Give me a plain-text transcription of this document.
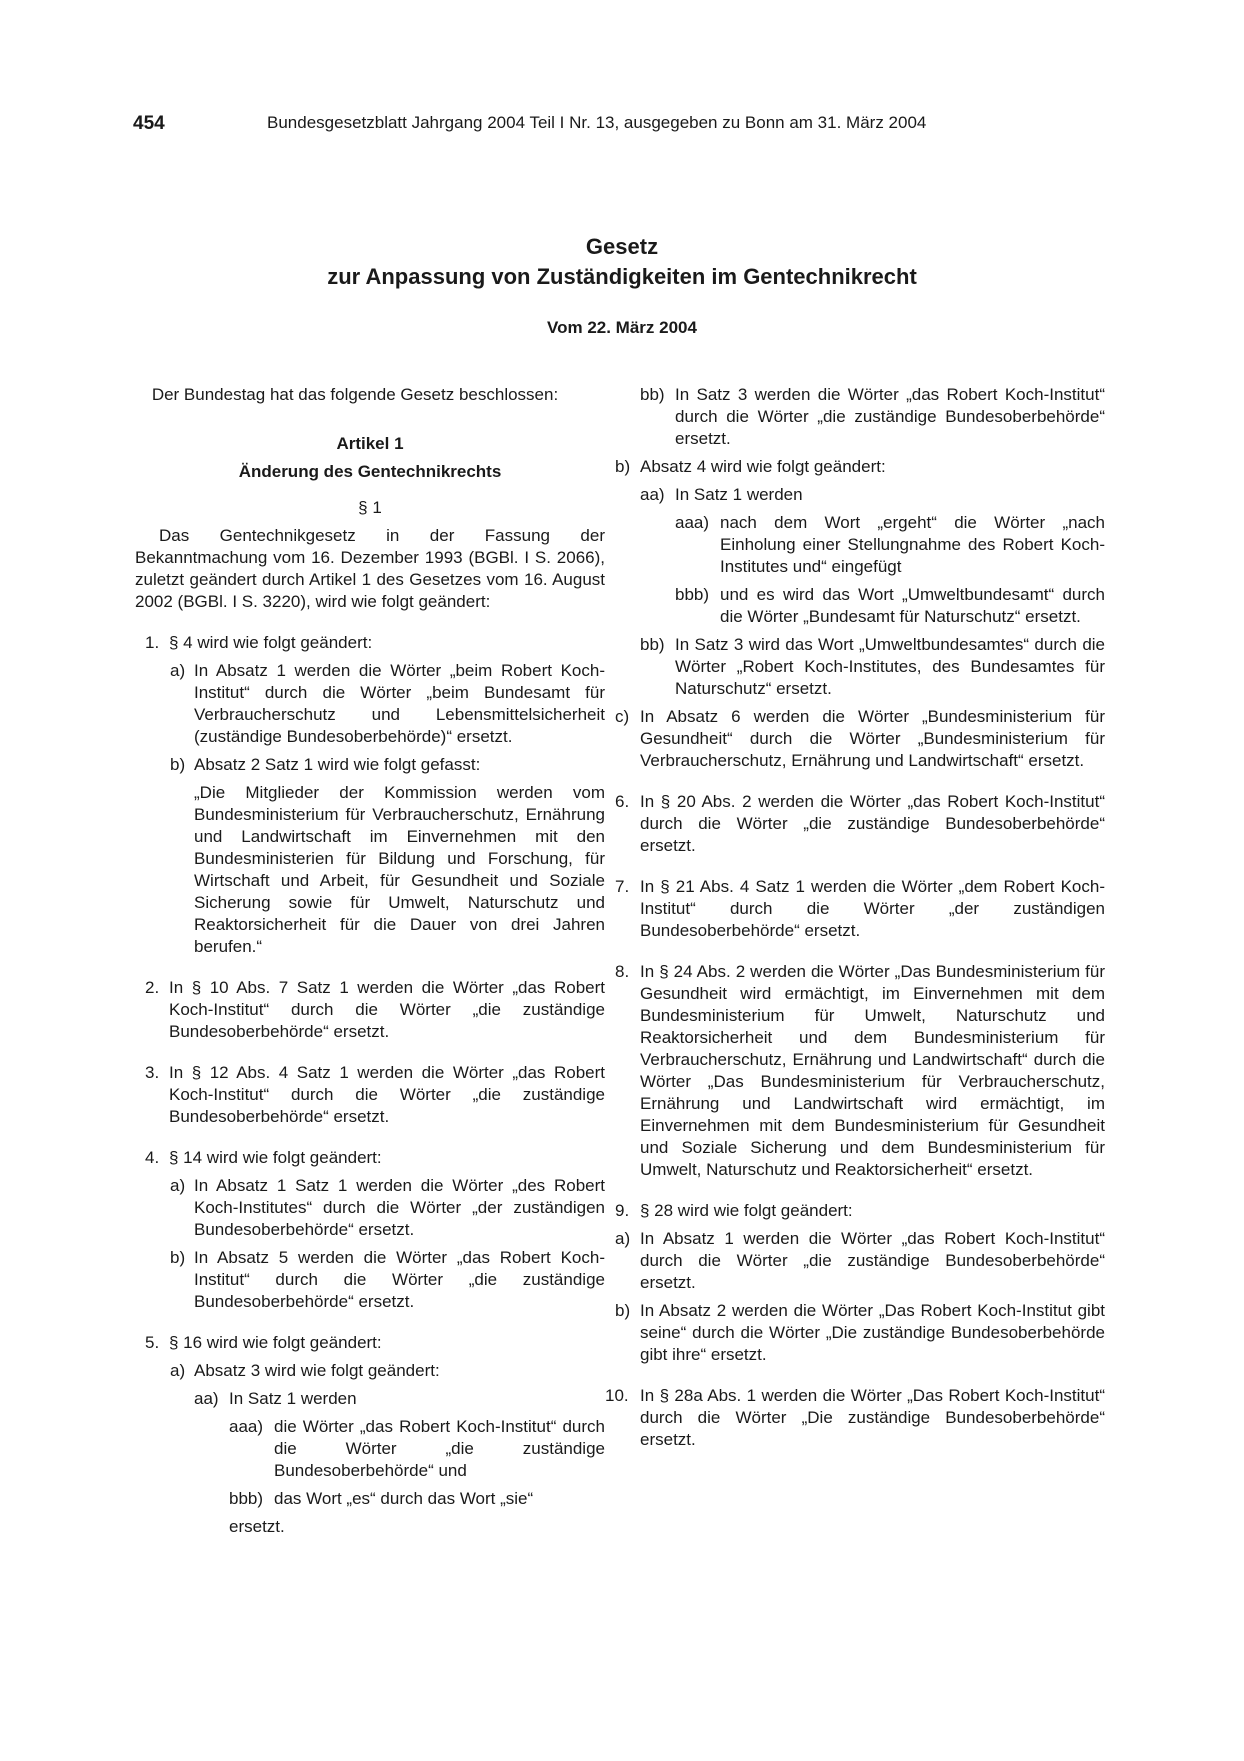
454	Bundesgesetzblatt Jahrgang 2004 Teil I Nr. 13, ausgegeben zu Bonn am 31. März 2004
Gesetz
zur Anpassung von Zuständigkeiten im Gentechnikrecht
Vom 22. März 2004

Der Bundestag hat das folgende Gesetz beschlossen:

Artikel 1

Änderung des Gentechnikrechts

§ 1

Das Gentechnikgesetz in der Fassung der Bekanntmachung vom 16. Dezember 1993 (BGBl. I S. 2066), zuletzt geändert durch Artikel 1 des Gesetzes vom 16. August 2002 (BGBl. I S. 3220), wird wie folgt geändert:

1. § 4 wird wie folgt geändert:

a) In Absatz 1 werden die Wörter „beim Robert Koch-Institut“ durch die Wörter „beim Bundesamt für Verbraucherschutz und Lebensmittelsicherheit (zuständige Bundesoberbehörde)“ ersetzt.

b) Absatz 2 Satz 1 wird wie folgt gefasst:

„Die Mitglieder der Kommission werden vom Bundesministerium für Verbraucherschutz, Ernährung und Landwirtschaft im Einvernehmen mit den Bundesministerien für Bildung und Forschung, für Wirtschaft und Arbeit, für Gesundheit und Soziale Sicherung sowie für Umwelt, Naturschutz und Reaktorsicherheit für die Dauer von drei Jahren berufen.“

2. In § 10 Abs. 7 Satz 1 werden die Wörter „das Robert Koch-Institut“ durch die Wörter „die zuständige Bundesoberbehörde“ ersetzt.

3. In § 12 Abs. 4 Satz 1 werden die Wörter „das Robert Koch-Institut“ durch die Wörter „die zuständige Bundesoberbehörde“ ersetzt.

4. § 14 wird wie folgt geändert:

a) In Absatz 1 Satz 1 werden die Wörter „des Robert Koch-Institutes“ durch die Wörter „der zuständigen Bundesoberbehörde“ ersetzt.

b) In Absatz 5 werden die Wörter „das Robert Koch-Institut“ durch die Wörter „die zuständige Bundesoberbehörde“ ersetzt.

5. § 16 wird wie folgt geändert:

a) Absatz 3 wird wie folgt geändert:

aa) In Satz 1 werden

aaa) die Wörter „das Robert Koch-Institut“ durch die Wörter „die zuständige Bundesoberbehörde“ und

bbb) das Wort „es“ durch das Wort „sie“

ersetzt.

bb) In Satz 3 werden die Wörter „das Robert Koch-Institut“ durch die Wörter „die zuständige Bundesoberbehörde“ ersetzt.

b) Absatz 4 wird wie folgt geändert:

aa) In Satz 1 werden

aaa) nach dem Wort „ergeht“ die Wörter „nach Einholung einer Stellungnahme des Robert Koch-Institutes und“ eingefügt

bbb) und es wird das Wort „Umweltbundesamt“ durch die Wörter „Bundesamt für Naturschutz“ ersetzt.

bb) In Satz 3 wird das Wort „Umweltbundesamtes“ durch die Wörter „Robert Koch-Institutes, des Bundesamtes für Naturschutz“ ersetzt.

c) In Absatz 6 werden die Wörter „Bundesministerium für Gesundheit“ durch die Wörter „Bundesministerium für Verbraucherschutz, Ernährung und Landwirtschaft“ ersetzt.

6. In § 20 Abs. 2 werden die Wörter „das Robert Koch-Institut“ durch die Wörter „die zuständige Bundesoberbehörde“ ersetzt.

7. In § 21 Abs. 4 Satz 1 werden die Wörter „dem Robert Koch-Institut“ durch die Wörter „der zuständigen Bundesoberbehörde“ ersetzt.

8. In § 24 Abs. 2 werden die Wörter „Das Bundesministerium für Gesundheit wird ermächtigt, im Einvernehmen mit dem Bundesministerium für Umwelt, Naturschutz und Reaktorsicherheit und dem Bundesministerium für Verbraucherschutz, Ernährung und Landwirtschaft“ durch die Wörter „Das Bundesministerium für Verbraucherschutz, Ernährung und Landwirtschaft wird ermächtigt, im Einvernehmen mit dem Bundesministerium für Gesundheit und Soziale Sicherung und dem Bundesministerium für Umwelt, Naturschutz und Reaktorsicherheit“ ersetzt.

9. § 28 wird wie folgt geändert:

a) In Absatz 1 werden die Wörter „das Robert Koch-Institut“ durch die Wörter „die zuständige Bundesoberbehörde“ ersetzt.

b) In Absatz 2 werden die Wörter „Das Robert Koch-Institut gibt seine“ durch die Wörter „Die zuständige Bundesoberbehörde gibt ihre“ ersetzt.

10. In § 28a Abs. 1 werden die Wörter „Das Robert Koch-Institut“ durch die Wörter „Die zuständige Bundesoberbehörde“ ersetzt.
